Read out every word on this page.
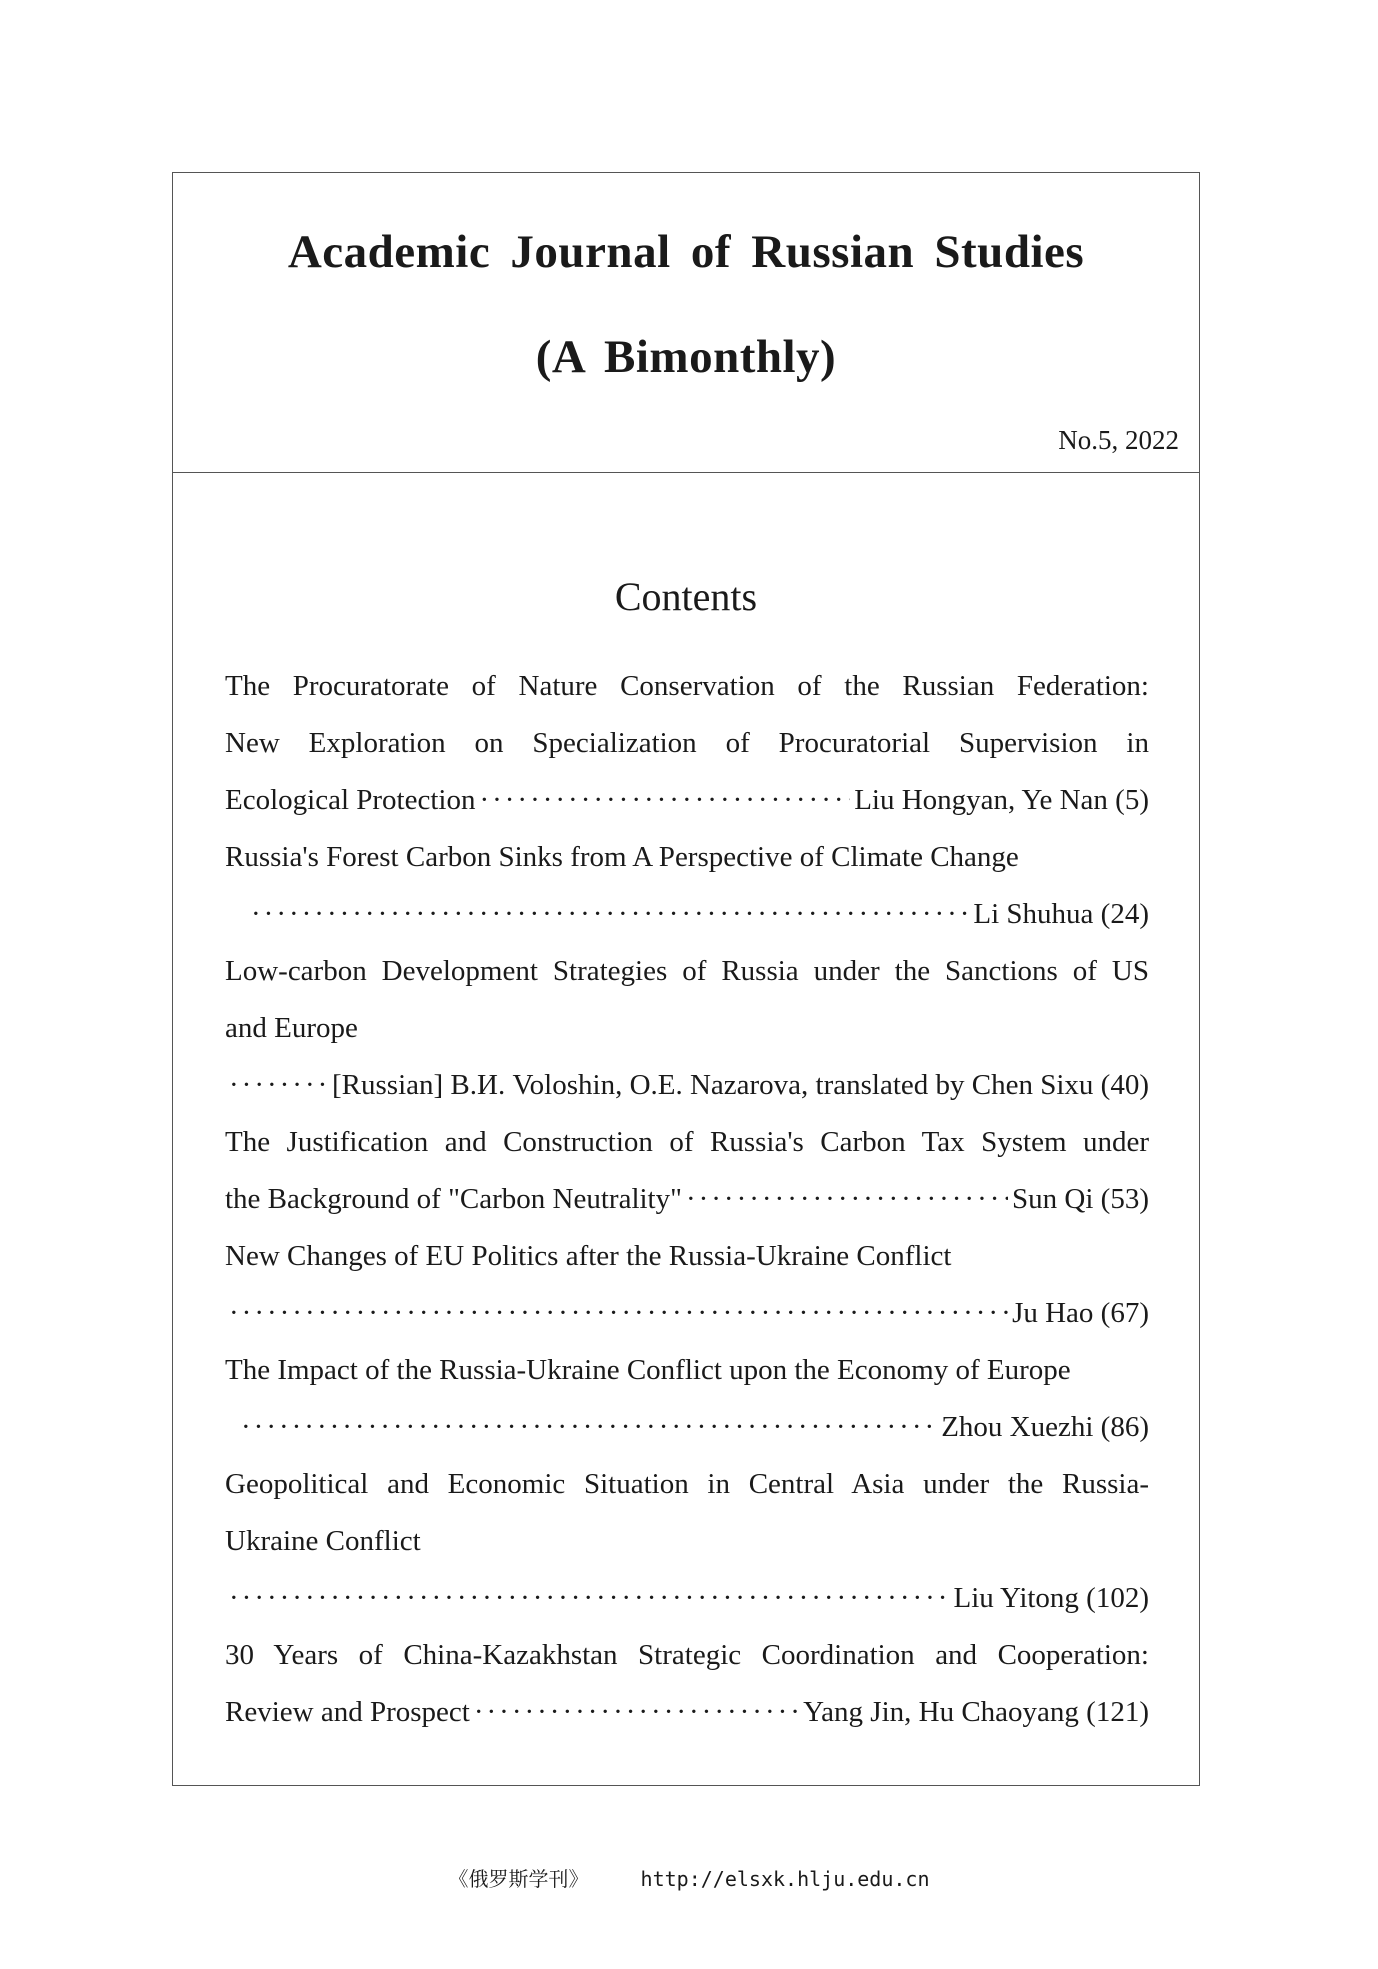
Academic Journal of Russian Studies
(A Bimonthly)
No.5, 2022
Contents
The Procuratorate of Nature Conservation of the Russian Federation:
New Exploration on Specialization of Procuratorial Supervision in
Ecological Protection ·····	Liu Hongyan, Ye Nan (5)
Russia's Forest Carbon Sinks from A Perspective of Climate Change
·····
Li Shuhua (24)
Low-carbon Development Strategies of Russia under the Sanctions of US
and Europe
·····
[Russian] В.И. Voloshin, O.E. Nazarova, translated by Chen Sixu (40)
The Justification and Construction of Russia's Carbon Tax System under
the Background of "Carbon Neutrality" ·····	Sun Qi (53)
New Changes of EU Politics after the Russia-Ukraine Conflict
·····
Ju Hao (67)
The Impact of the Russia-Ukraine Conflict upon the Economy of Europe
·····
Zhou Xuezhi (86)
Geopolitical and Economic Situation in Central Asia under the Russia-
Ukraine Conflict
·····
Liu Yitong (102)
30 Years of China-Kazakhstan Strategic Coordination and Cooperation:
Review and Prospect ·····	Yang Jin, Hu Chaoyang (121)
《俄罗斯学刊》	http://elsxk.hlju.edu.cn
